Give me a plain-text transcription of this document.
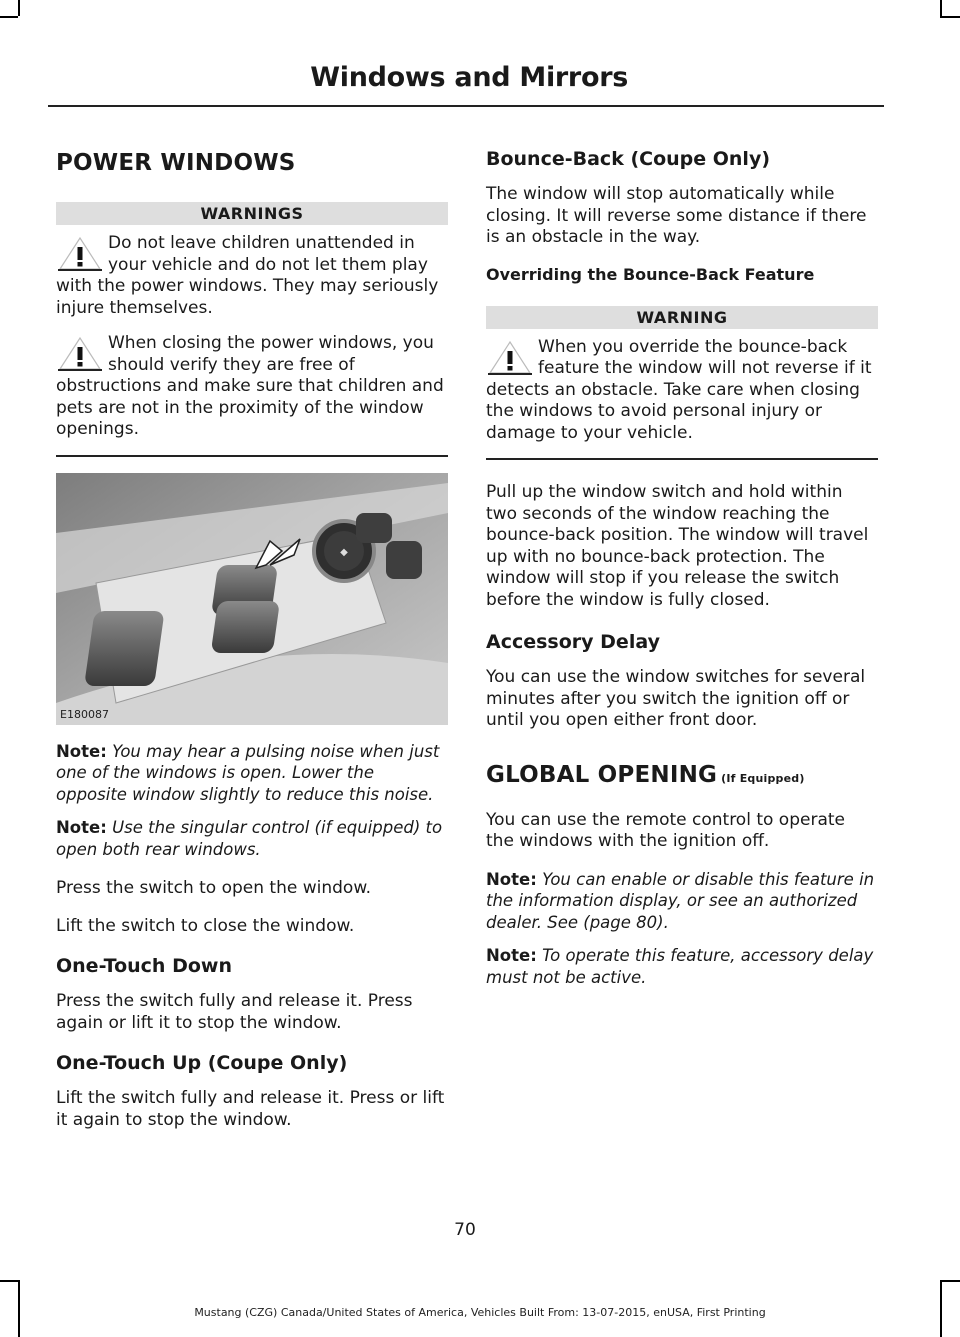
Windows and Mirrors
POWER WINDOWS
WARNINGS
Do not leave children unattended in your vehicle and do not let them play with the power windows. They may seriously injure themselves.
When closing the power windows, you should verify they are free of obstructions and make sure that children and pets are not in the proximity of the window openings.
◆
E180087

Note: You may hear a pulsing noise when just one of the windows is open. Lower the opposite window slightly to reduce this noise.

Note: Use the singular control (if equipped) to open both rear windows.

Press the switch to open the window.

Lift the switch to close the window.

One-Touch Down

Press the switch fully and release it. Press again or lift it to stop the window.

One-Touch Up (Coupe Only)

Lift the switch fully and release it. Press or lift it again to stop the window.

Bounce-Back (Coupe Only)

The window will stop automatically while closing. It will reverse some distance if there is an obstacle in the way.

Overriding the Bounce-Back Feature
WARNING
When you override the bounce-back feature the window will not reverse if it detects an obstacle. Take care when closing the windows to avoid personal injury or damage to your vehicle.

Pull up the window switch and hold within two seconds of the window reaching the bounce-back position. The window will travel up with no bounce-back protection. The window will stop if you release the switch before the window is fully closed.

Accessory Delay

You can use the window switches for several minutes after you switch the ignition off or until you open either front door.

GLOBAL OPENING (If Equipped)

You can use the remote control to operate the windows with the ignition off.

Note: You can enable or disable this feature in the information display, or see an authorized dealer. See (page 80).

Note: To operate this feature, accessory delay must not be active.

70
Mustang (CZG) Canada/United States of America, Vehicles Built From: 13-07-2015, enUSA, First Printing
